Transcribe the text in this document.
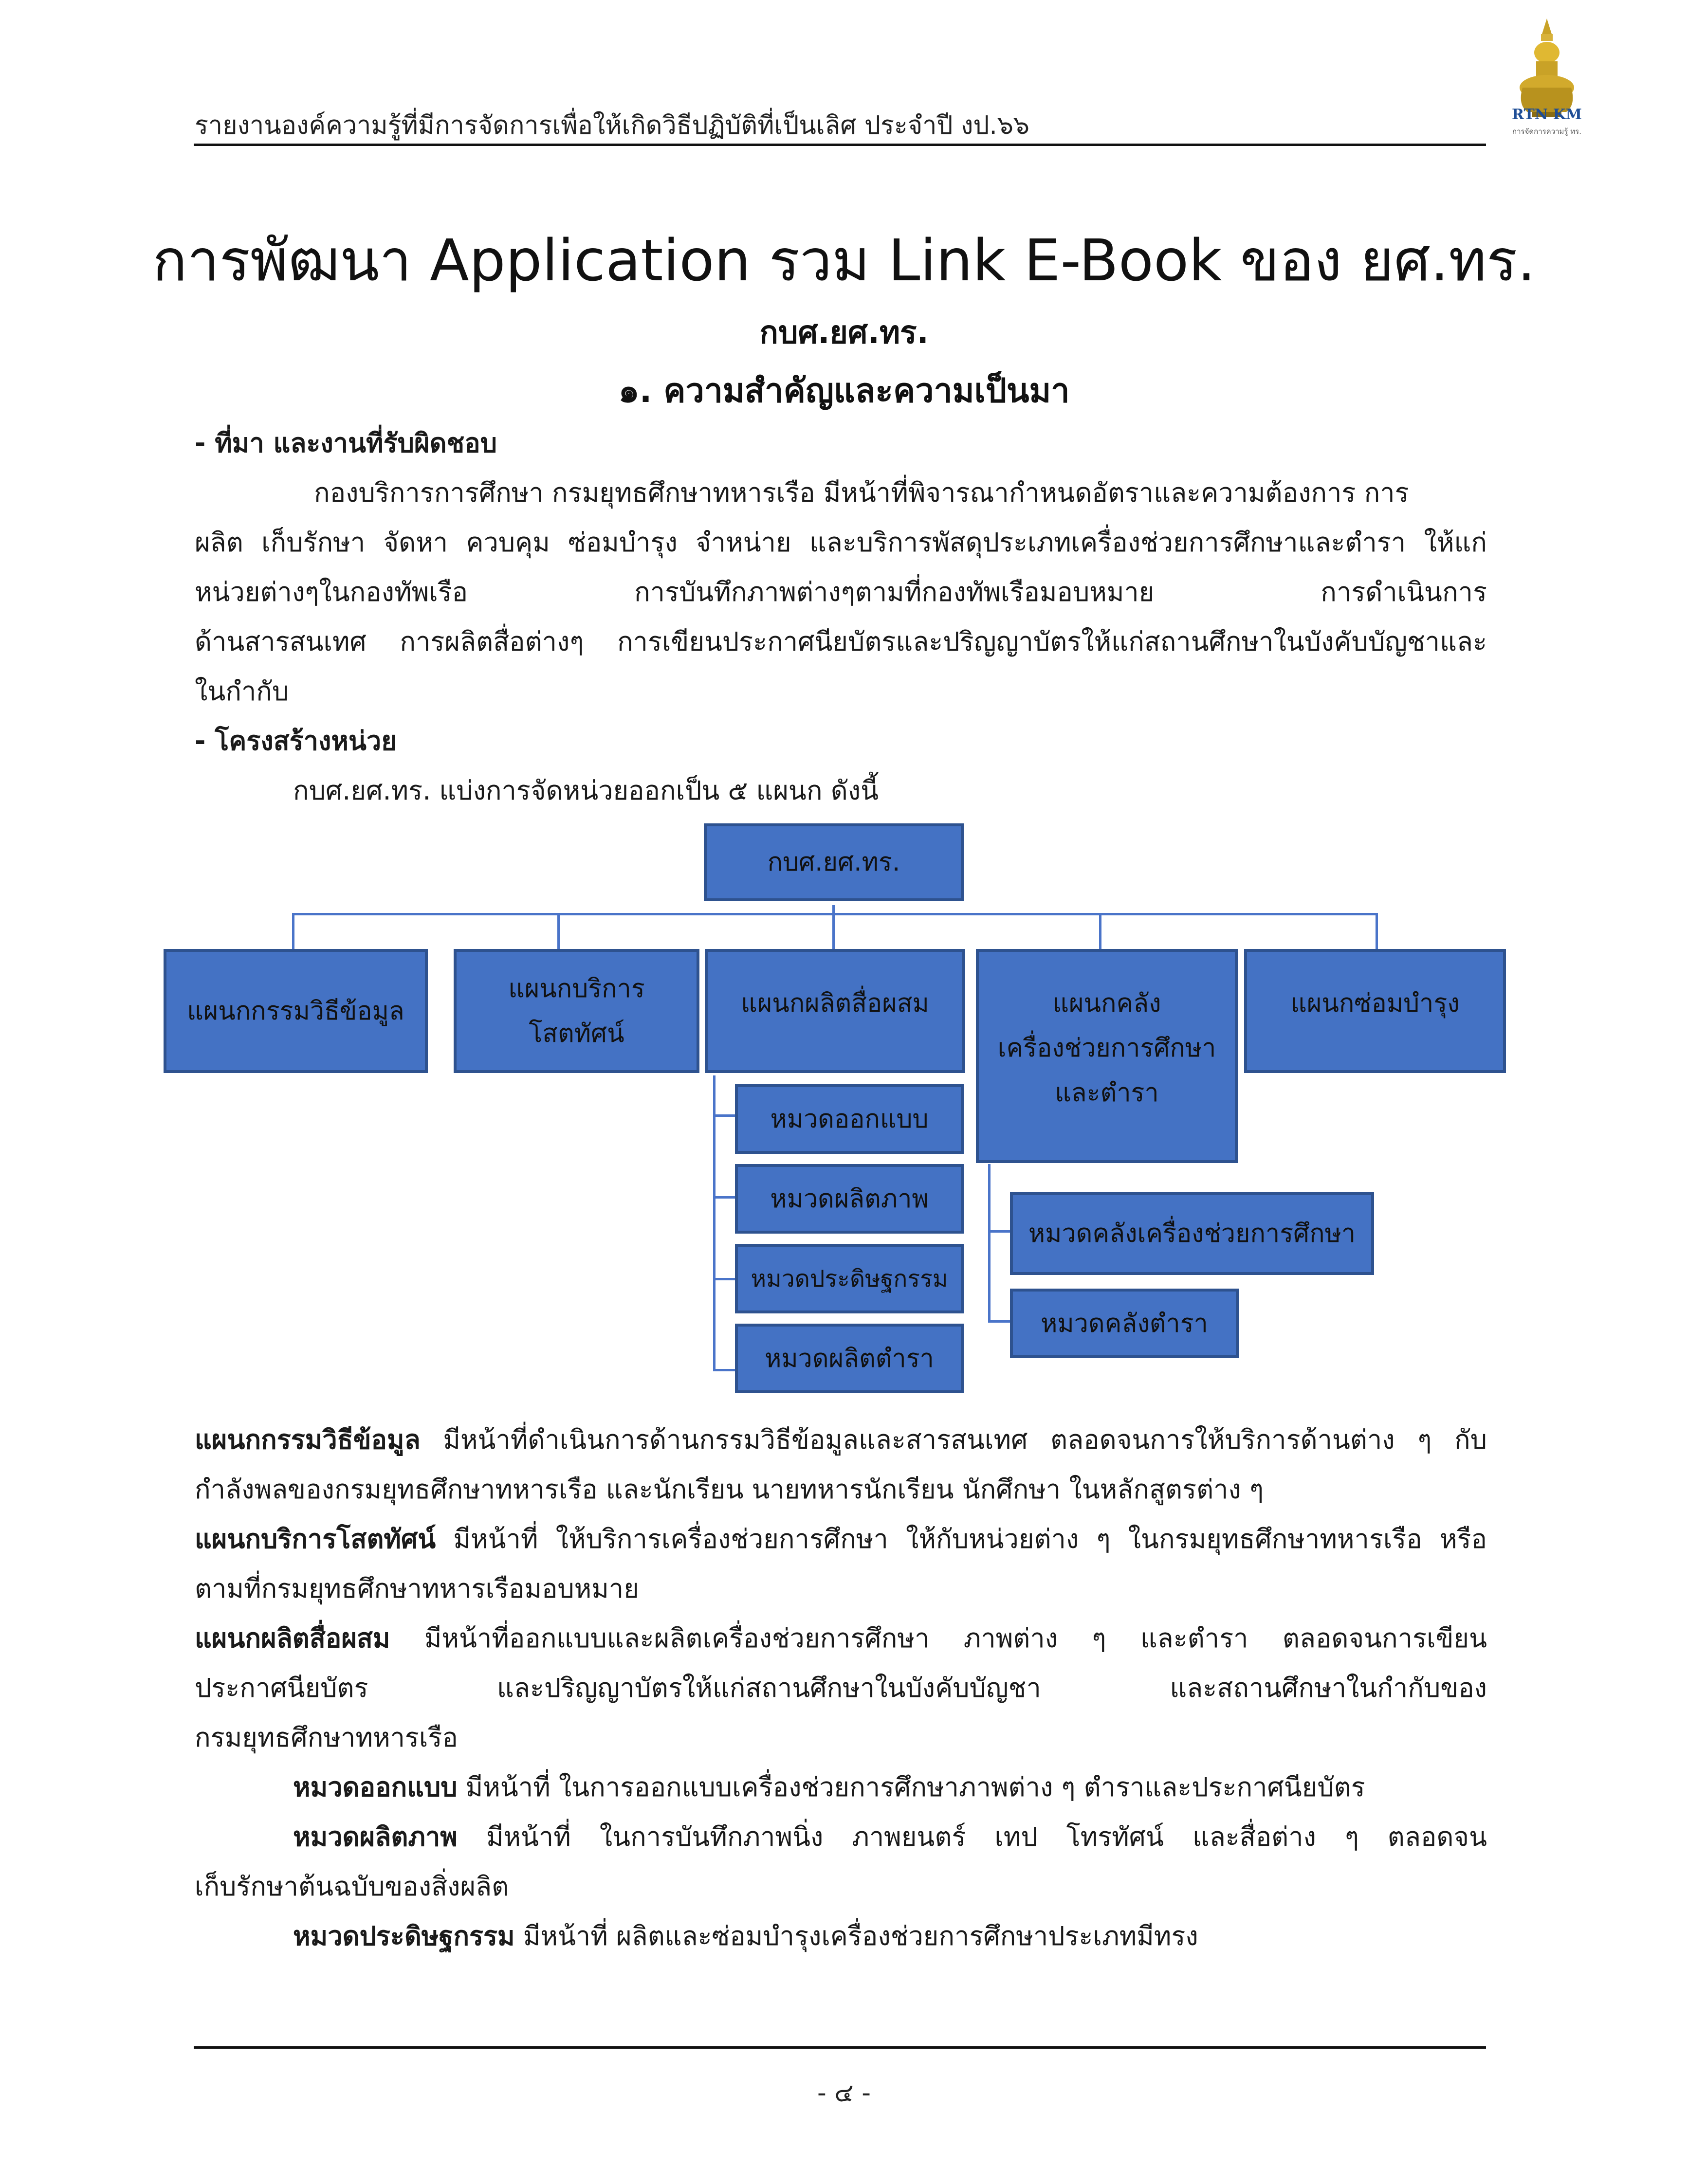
รายงานองค์ความรู้ที่มีการจัดการเพื่อให้เกิดวิธีปฏิบัติที่เป็นเลิศ ประจำปี งป.๖๖	RTN KM
การจัดการความรู้ ทร.
การพัฒนา Application รวม Link E-Book ของ ยศ.ทร.
กบศ.ยศ.ทร.
๑. ความสำคัญและความเป็นมา
- ที่มา และงานที่รับผิดชอบ
กองบริการการศึกษา กรมยุทธศึกษาทหารเรือ มีหน้าที่พิจารณากำหนดอัตราและความต้องการ การ
ผลิต เก็บรักษา จัดหา ควบคุม ซ่อมบำรุง จำหน่าย และบริการพัสดุประเภทเครื่องช่วยการศึกษาและตำรา ให้แก่
หน่วยต่างๆในกองทัพเรือ การบันทึกภาพต่างๆตามที่กองทัพเรือมอบหมาย การดำเนินการ
ด้านสารสนเทศ การผลิตสื่อต่างๆ การเขียนประกาศนียบัตรและปริญญาบัตรให้แก่สถานศึกษาในบังคับบัญชาและ
ในกำกับ
- โครงสร้างหน่วย
กบศ.ยศ.ทร. แบ่งการจัดหน่วยออกเป็น ๕ แผนก ดังนี้
กบศ.ยศ.ทร.
แผนกกรรมวิธีข้อมูล
แผนกบริการ
โสตทัศน์
แผนกผลิตสื่อผสม	แผนกคลัง
เครื่องช่วยการศึกษา
และตำรา
แผนกซ่อมบำรุง
หมวดออกแบบ
หมวดผลิตภาพ
หมวดประดิษฐกรรม
หมวดผลิตตำรา
หมวดคลังเครื่องช่วยการศึกษา
หมวดคลังตำรา
แผนกกรรมวิธีข้อมูล มีหน้าที่ดำเนินการด้านกรรมวิธีข้อมูลและสารสนเทศ ตลอดจนการให้บริการด้านต่าง ๆ กับ
กำลังพลของกรมยุทธศึกษาทหารเรือ และนักเรียน นายทหารนักเรียน นักศึกษา ในหลักสูตรต่าง ๆ
แผนกบริการโสตทัศน์ มีหน้าที่ ให้บริการเครื่องช่วยการศึกษา ให้กับหน่วยต่าง ๆ ในกรมยุทธศึกษาทหารเรือ หรือ
ตามที่กรมยุทธศึกษาทหารเรือมอบหมาย
แผนกผลิตสื่อผสม มีหน้าที่ออกแบบและผลิตเครื่องช่วยการศึกษา ภาพต่าง ๆ และตำรา ตลอดจนการเขียน
ประกาศนียบัตร และปริญญาบัตรให้แก่สถานศึกษาในบังคับบัญชา และสถานศึกษาในกำกับของ
กรมยุทธศึกษาทหารเรือ
หมวดออกแบบ มีหน้าที่ ในการออกแบบเครื่องช่วยการศึกษาภาพต่าง ๆ ตำราและประกาศนียบัตร
หมวดผลิตภาพ มีหน้าที่ ในการบันทึกภาพนิ่ง ภาพยนตร์ เทป โทรทัศน์ และสื่อต่าง ๆ ตลอดจน
เก็บรักษาต้นฉบับของสิ่งผลิต
หมวดประดิษฐกรรม มีหน้าที่ ผลิตและซ่อมบำรุงเครื่องช่วยการศึกษาประเภทมีทรง
- ๔ -
